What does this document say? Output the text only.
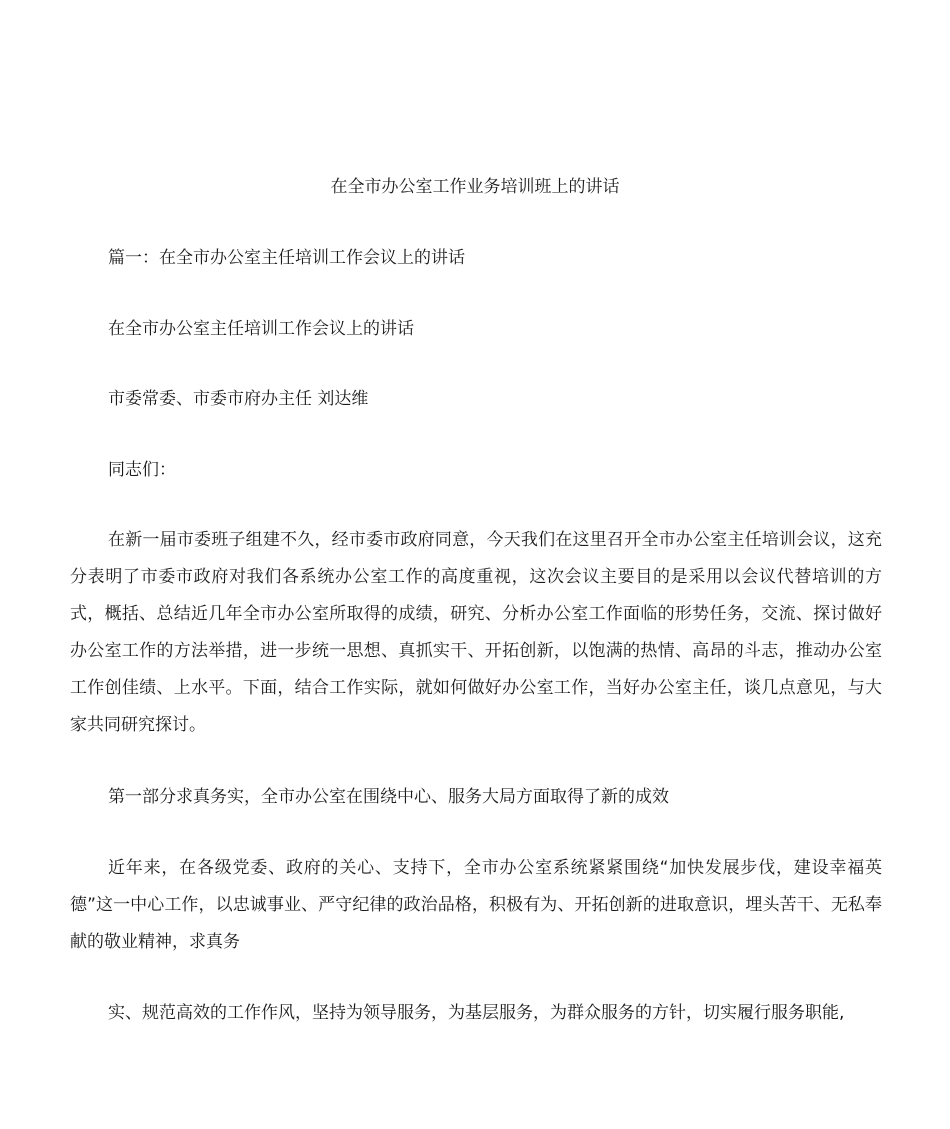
在全市办公室工作业务培训班上的讲话
篇一：在全市办公室主任培训工作会议上的讲话
在全市办公室主任培训工作会议上的讲话
市委常委、市委市府办主任 刘达维
同志们：
在新一届市委班子组建不久，经市委市政府同意，今天我们在这里召开全市办公室主任培训会议，这充分表明了市委市政府对我们各系统办公室工作的高度重视，这次会议主要目的是采用以会议代替培训的方式，概括、总结近几年全市办公室所取得的成绩，研究、分析办公室工作面临的形势任务，交流、探讨做好办公室工作的方法举措，进一步统一思想、真抓实干、开拓创新，以饱满的热情、高昂的斗志，推动办公室工作创佳绩、上水平。下面，结合工作实际，就如何做好办公室工作，当好办公室主任，谈几点意见，与大家共同研究探讨。
第一部分求真务实，全市办公室在围绕中心、服务大局方面取得了新的成效
近年来，在各级党委、政府的关心、支持下，全市办公室系统紧紧围绕“加快发展步伐，建设幸福英德”这一中心工作，以忠诚事业、严守纪律的政治品格，积极有为、开拓创新的进取意识，埋头苦干、无私奉献的敬业精神，求真务
实、规范高效的工作作风，坚持为领导服务，为基层服务，为群众服务的方针，切实履行服务职能,
